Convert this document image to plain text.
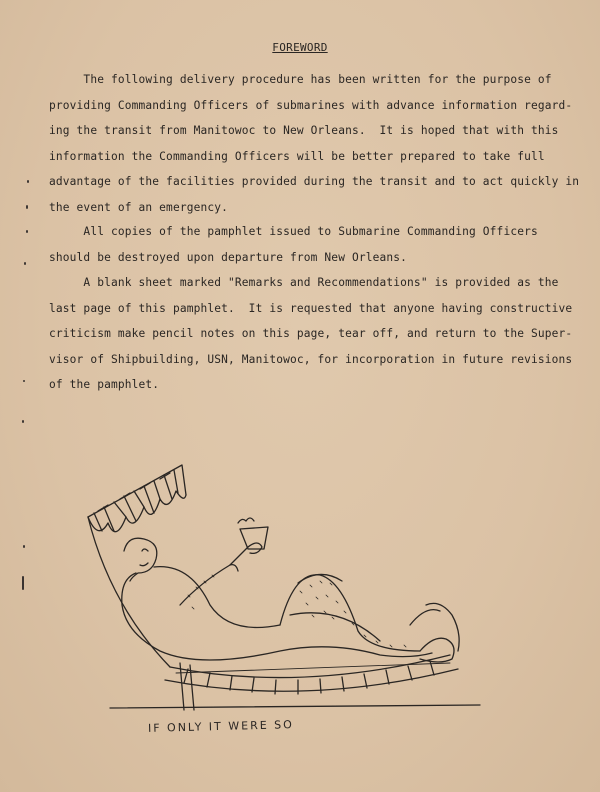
FOREWORD

The following delivery procedure has been written for the purpose of
providing Commanding Officers of submarines with advance information regard-
ing the transit from Manitowoc to New Orleans.  It is hoped that with this
information the Commanding Officers will be better prepared to take full
advantage of the facilities provided during the transit and to act quickly in
the event of an emergency.

All copies of the pamphlet issued to Submarine Commanding Officers
should be destroyed upon departure from New Orleans.

A blank sheet marked "Remarks and Recommendations" is provided as the
last page of this pamphlet.  It is requested that anyone having constructive
criticism make pencil notes on this page, tear off, and return to the Super-
visor of Shipbuilding, USN, Manitowoc, for incorporation in future revisions
of the pamphlet.

IF ONLY IT WERE SO
